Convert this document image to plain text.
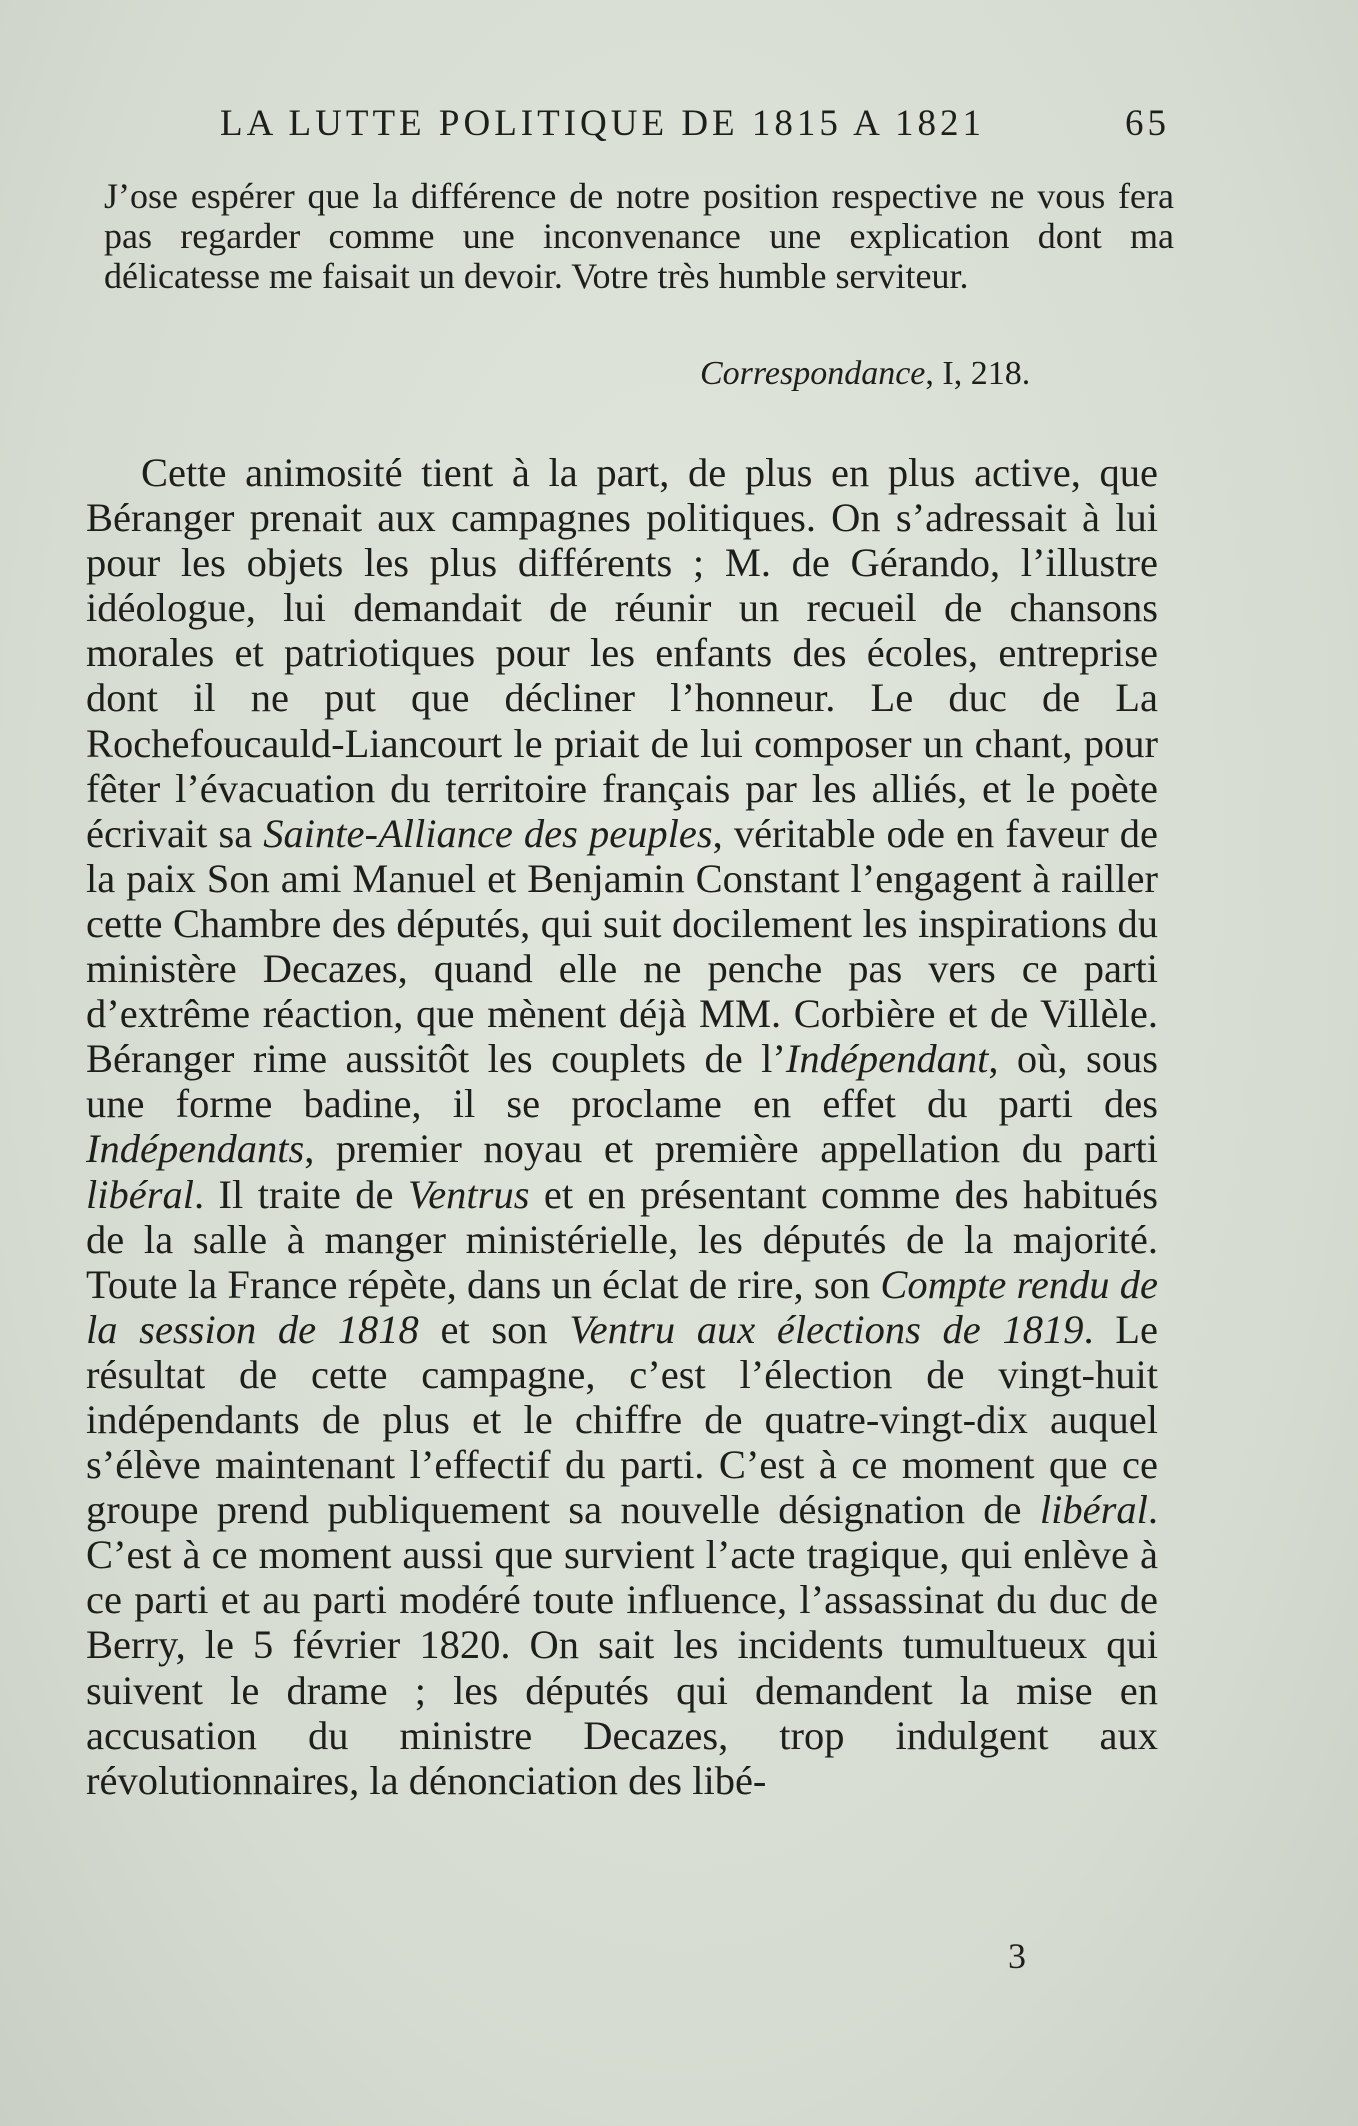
LA LUTTE POLITIQUE DE 1815 A 1821	65
J’ose espérer que la différence de notre position respective ne vous fera pas regarder comme une inconvenance une explication dont ma délicatesse me faisait un devoir. Votre très humble serviteur.
Correspondance, I, 218.
Cette animosité tient à la part, de plus en plus active, que Béranger prenait aux campagnes politiques. On s’adressait à lui pour les objets les plus différents ; M. de Gérando, l’illustre idéologue, lui demandait de réunir un recueil de chansons morales et patriotiques pour les enfants des écoles, entreprise dont il ne put que décliner l’honneur. Le duc de La Rochefoucauld-Liancourt le priait de lui composer un chant, pour fêter l’évacuation du territoire français par les alliés, et le poète écrivait sa Sainte-Alliance des peuples, véritable ode en faveur de la paix Son ami Manuel et Benjamin Constant l’engagent à railler cette Chambre des députés, qui suit docilement les inspirations du ministère Decazes, quand elle ne penche pas vers ce parti d’extrême réaction, que mènent déjà MM. Corbière et de Villèle. Béranger rime aussitôt les couplets de l’Indépendant, où, sous une forme badine, il se proclame en effet du parti des Indépendants, premier noyau et première appellation du parti libéral. Il traite de Ventrus et en présentant comme des habitués de la salle à manger ministérielle, les députés de la majorité. Toute la France répète, dans un éclat de rire, son Compte rendu de la session de 1818 et son Ventru aux élections de 1819. Le résultat de cette campagne, c’est l’élection de vingt-huit indépendants de plus et le chiffre de quatre-vingt-dix auquel s’élève maintenant l’effectif du parti. C’est à ce moment que ce groupe prend publiquement sa nouvelle désignation de libéral. C’est à ce moment aussi que survient l’acte tragique, qui enlève à ce parti et au parti modéré toute influence, l’assassinat du duc de Berry, le 5 février 1820. On sait les incidents tumultueux qui suivent le drame ; les députés qui demandent la mise en accusation du ministre Decazes, trop indulgent aux révolutionnaires, la dénonciation des libé-
3
